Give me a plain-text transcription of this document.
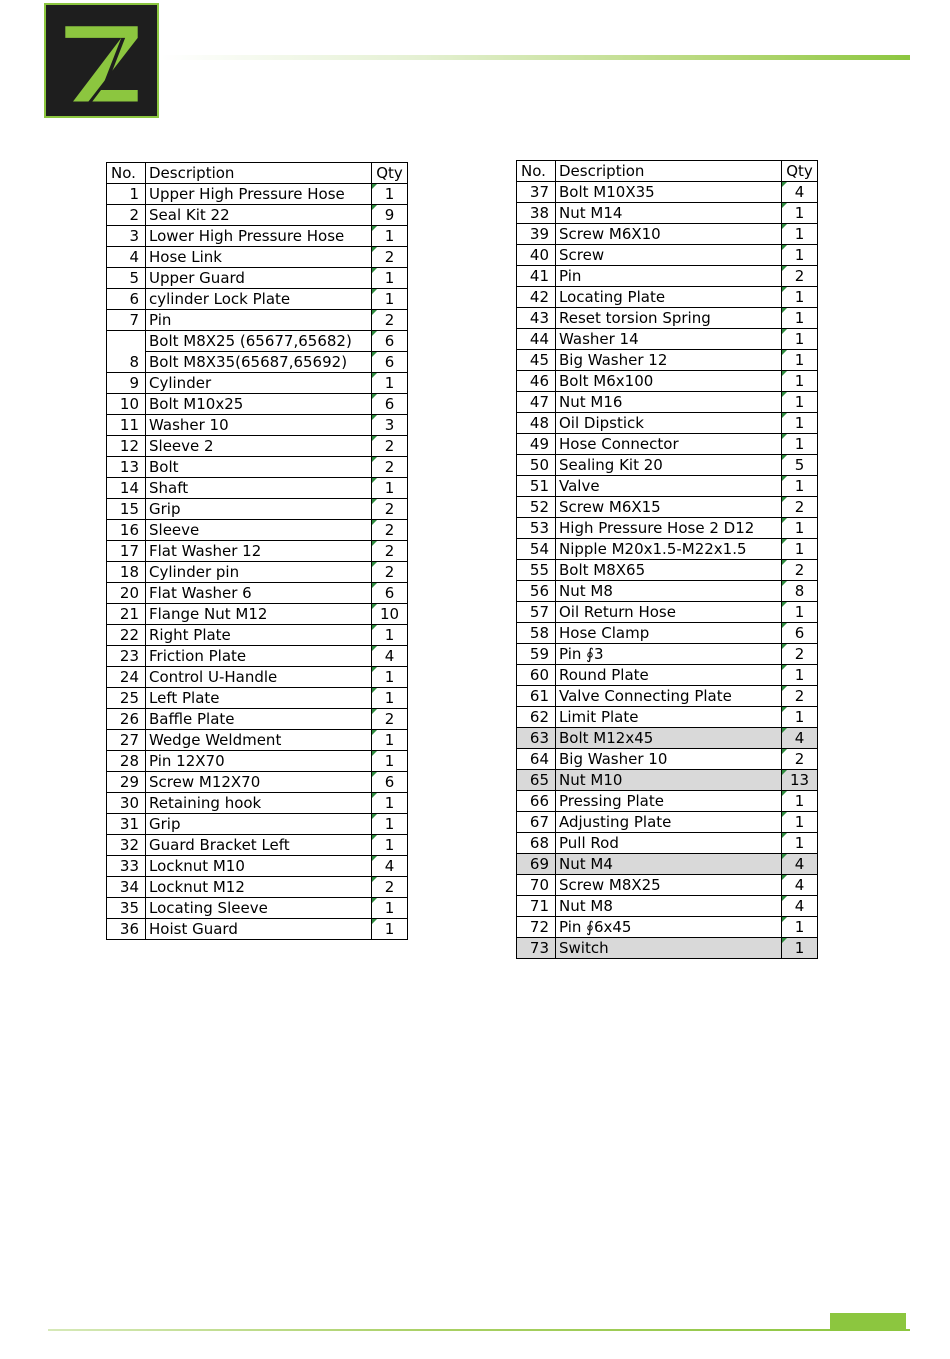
No.	Description	Qty
1	Upper High Pressure Hose	1
2	Seal Kit 22	9
3	Lower High Pressure Hose	1
4	Hose Link	2
5	Upper Guard	1
6	cylinder Lock Plate	1
7	Pin	2
8	Bolt M8X25 (65677,65682)	6
	Bolt M8X35(65687,65692)	6
9	Cylinder	1
10	Bolt M10x25	6
11	Washer 10	3
12	Sleeve 2	2
13	Bolt	2
14	Shaft	1
15	Grip	2
16	Sleeve	2
17	Flat Washer 12	2
18	Cylinder pin	2
20	Flat Washer 6	6
21	Flange Nut M12	10
22	Right Plate	1
23	Friction Plate	4
24	Control U-Handle	1
25	Left Plate	1
26	Baffle Plate	2
27	Wedge Weldment	1
28	Pin 12X70	1
29	Screw M12X70	6
30	Retaining hook	1
31	Grip	1
32	Guard Bracket Left	1
33	Locknut M10	4
34	Locknut M12	2
35	Locating Sleeve	1
36	Hoist Guard	1
No.	Description	Qty
37	Bolt M10X35	4
38	Nut M14	1
39	Screw M6X10	1
40	Screw	1
41	Pin	2
42	Locating Plate	1
43	Reset torsion Spring	1
44	Washer 14	1
45	Big Washer 12	1
46	Bolt M6x100	1
47	Nut M16	1
48	Oil Dipstick	1
49	Hose Connector	1
50	Sealing Kit 20	5
51	Valve	1
52	Screw M6X15	2
53	High Pressure Hose 2 D12	1
54	Nipple M20x1.5-M22x1.5	1
55	Bolt M8X65	2
56	Nut M8	8
57	Oil Return Hose	1
58	Hose Clamp	6
59	Pin ∮3	2
60	Round Plate	1
61	Valve Connecting Plate	2
62	Limit Plate	1
63	Bolt M12x45	4
64	Big Washer 10	2
65	Nut M10	13
66	Pressing Plate	1
67	Adjusting Plate	1
68	Pull Rod	1
69	Nut M4	4
70	Screw M8X25	4
71	Nut M8	4
72	Pin ∮6x45	1
73	Switch	1
